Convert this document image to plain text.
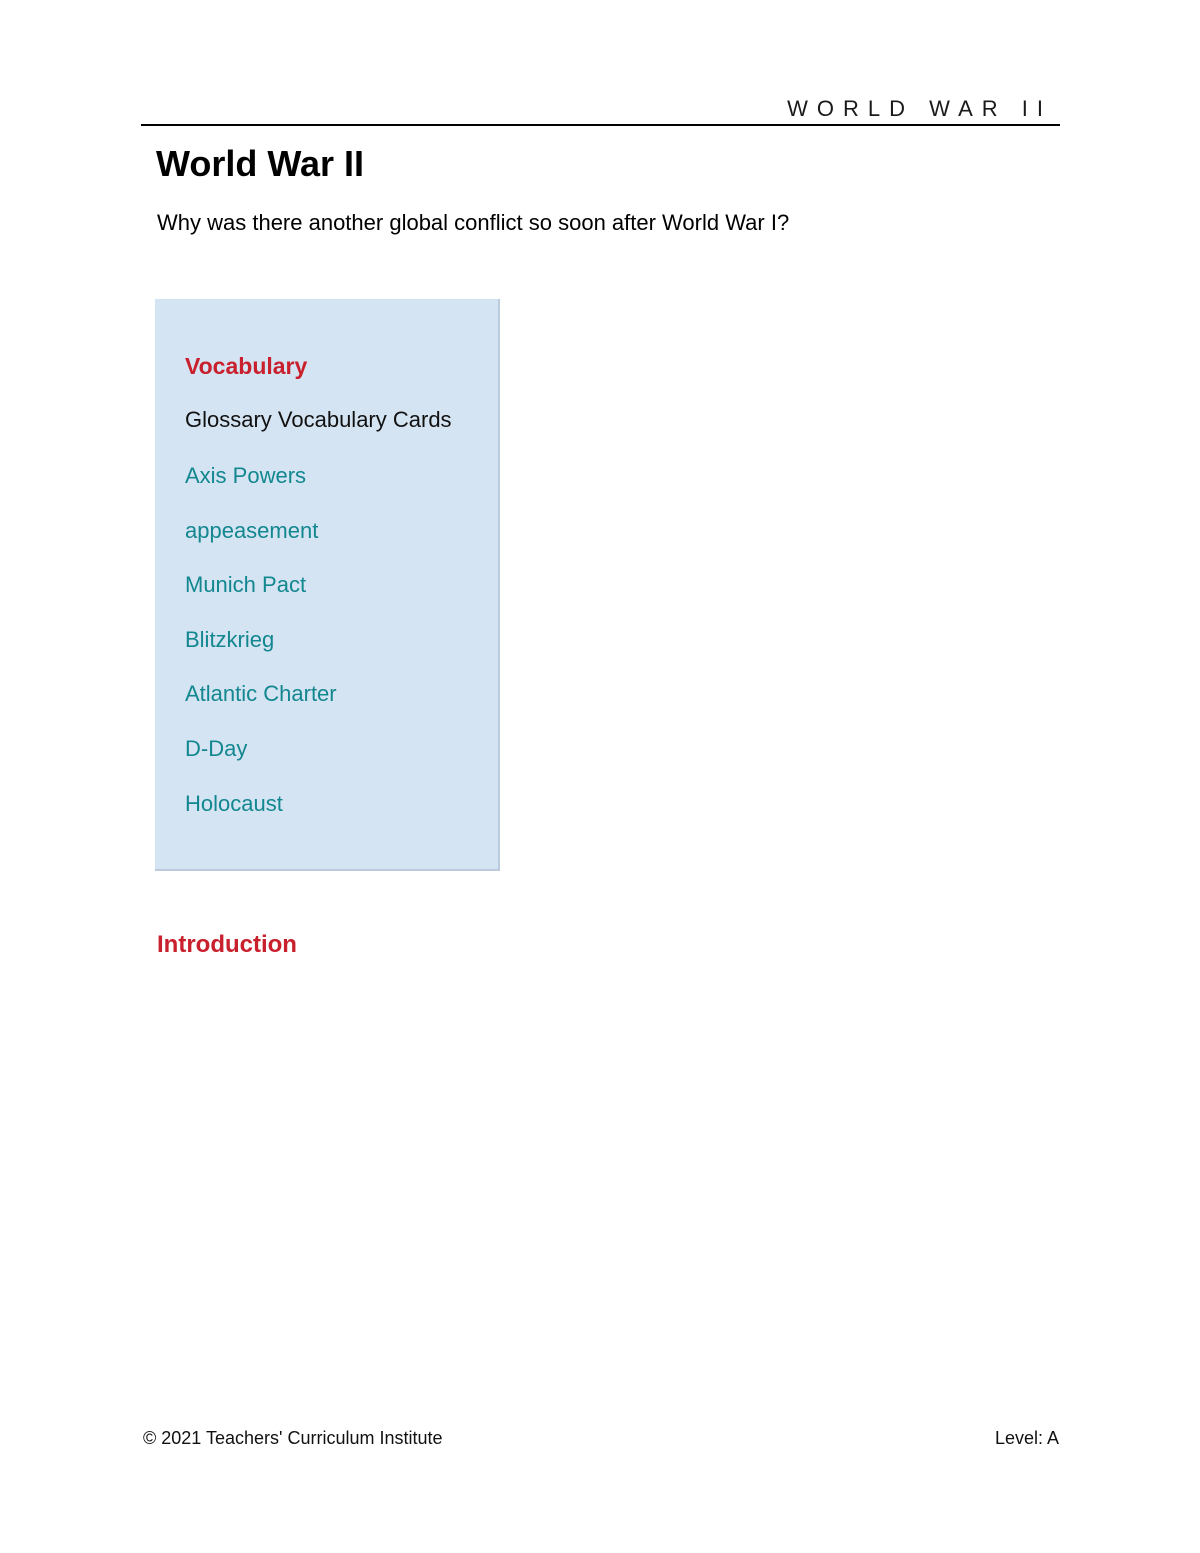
WORLD WAR II
World War II

Why was there another global conflict so soon after World War I?

Vocabulary
Glossary Vocabulary Cards
Axis Powers
appeasement
Munich Pact
Blitzkrieg
Atlantic Charter
D-Day
Holocaust
Introduction
© 2021 Teachers' Curriculum Institute	Level: A
